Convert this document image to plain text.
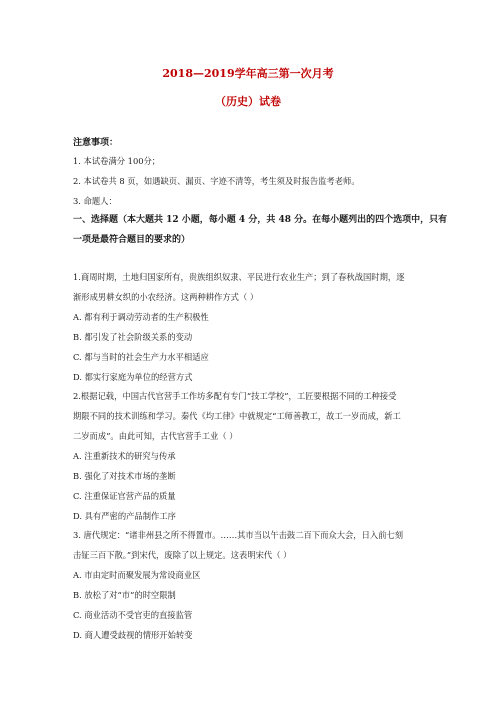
2018—2019学年高三第一次月考
（历史）试卷
注意事项：
1. 本试卷满分 100分；
2. 本试卷共 8 页，如遇缺页、漏页、字迹不清等，考生须及时报告监考老师。
3. 命题人：
一、选择题（本大题共 12 小题，每小题 4 分，共 48 分。在每小题列出的四个选项中，只有
一项是最符合题目的要求的）
1.商周时期，土地归国家所有，贵族组织奴隶、平民进行农业生产；到了春秋战国时期，逐
渐形成男耕女织的小农经济。这两种耕作方式（ ）
A. 都有利于调动劳动者的生产积极性
B. 都引发了社会阶级关系的变动
C. 都与当时的社会生产力水平相适应
D. 都实行家庭为单位的经营方式
2.根据记载，中国古代官营手工作坊多配有专门“技工学校”，工匠要根据不同的工种接受
期限不同的技术训练和学习。秦代《均工律》中就规定“工师善教工，故工一岁而成，新工
二岁而成”。由此可知，古代官营手工业（ ）
A. 注重新技术的研究与传承
B. 强化了对技术市场的垄断
C. 注重保证官营产品的质量
D. 具有严密的产品制作工序
3. 唐代规定：“诸非州县之所不得置市。……其市当以午击鼓二百下而众大会，日入前七刻
击钲三百下散。”到宋代，废除了以上规定。这表明宋代（ ）
A. 市由定时而聚发展为常设商业区
B. 放松了对“市”的时空限制
C. 商业活动不受官吏的直接监管
D. 商人遭受歧视的情形开始转变
